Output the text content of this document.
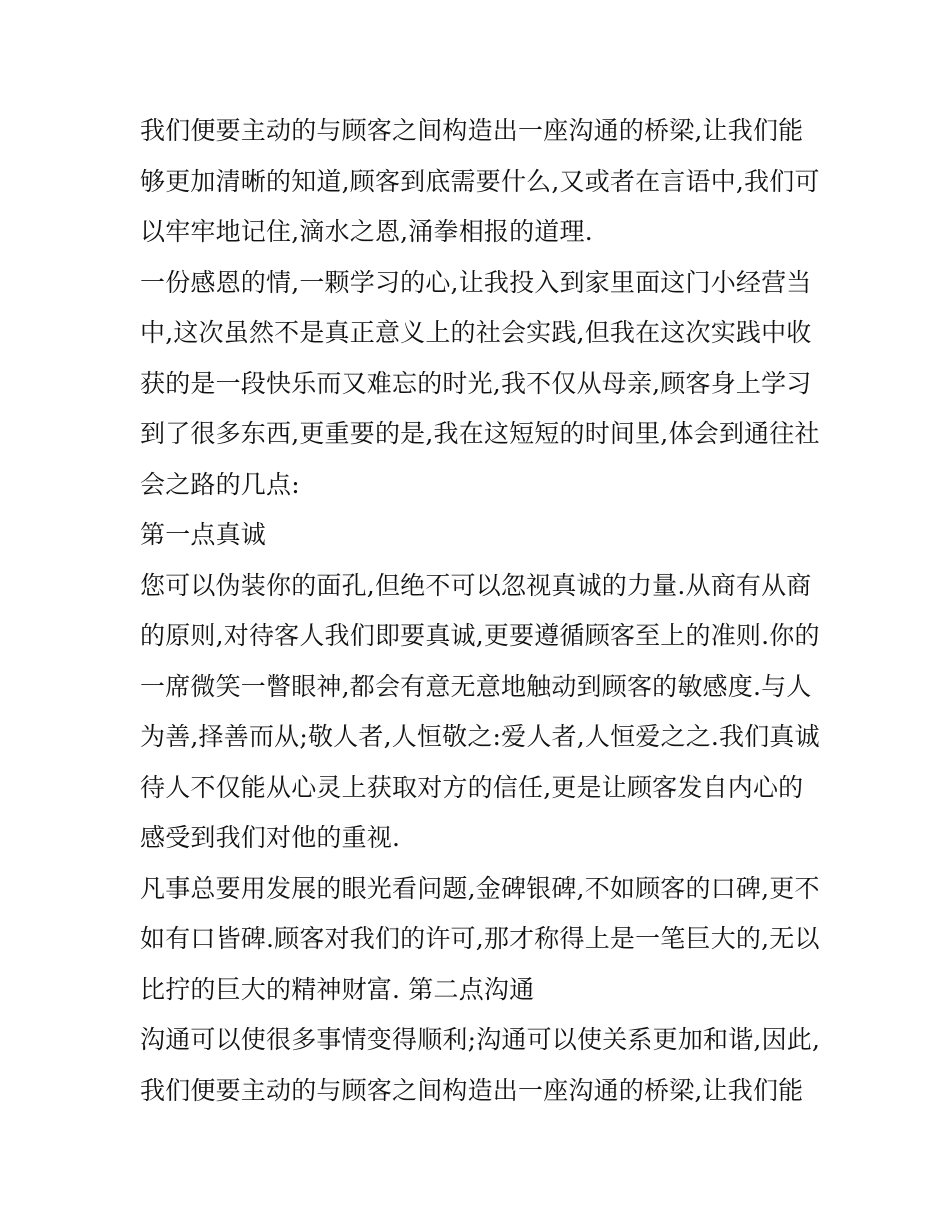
我们便要主动的与顾客之间构造出一座沟通的桥梁,让我们能
够更加清晰的知道,顾客到底需要什么,又或者在言语中,我们可
以牢牢地记住,滴水之恩,涌拳相报的道理.
一份感恩的情,一颗学习的心,让我投入到家里面这门小经营当
中,这次虽然不是真正意义上的社会实践,但我在这次实践中收
获的是一段快乐而又难忘的时光,我不仅从母亲,顾客身上学习
到了很多东西,更重要的是,我在这短短的时间里,体会到通往社
会之路的几点:
第一点真诚
您可以伪装你的面孔,但绝不可以忽视真诚的力量.从商有从商
的原则,对待客人我们即要真诚,更要遵循顾客至上的准则.你的
一席微笑一瞥眼神,都会有意无意地触动到顾客的敏感度.与人
为善,择善而从;敬人者,人恒敬之:爱人者,人恒爱之之.我们真诚
待人不仅能从心灵上获取对方的信任,更是让顾客发自内心的
感受到我们对他的重视.
凡事总要用发展的眼光看问题,金碑银碑,不如顾客的口碑,更不
如有口皆碑.顾客对我们的许可,那才称得上是一笔巨大的,无以
比拧的巨大的精神财富. 第二点沟通
沟通可以使很多事情变得顺利;沟通可以使关系更加和谐,因此,
我们便要主动的与顾客之间构造出一座沟通的桥梁,让我们能
